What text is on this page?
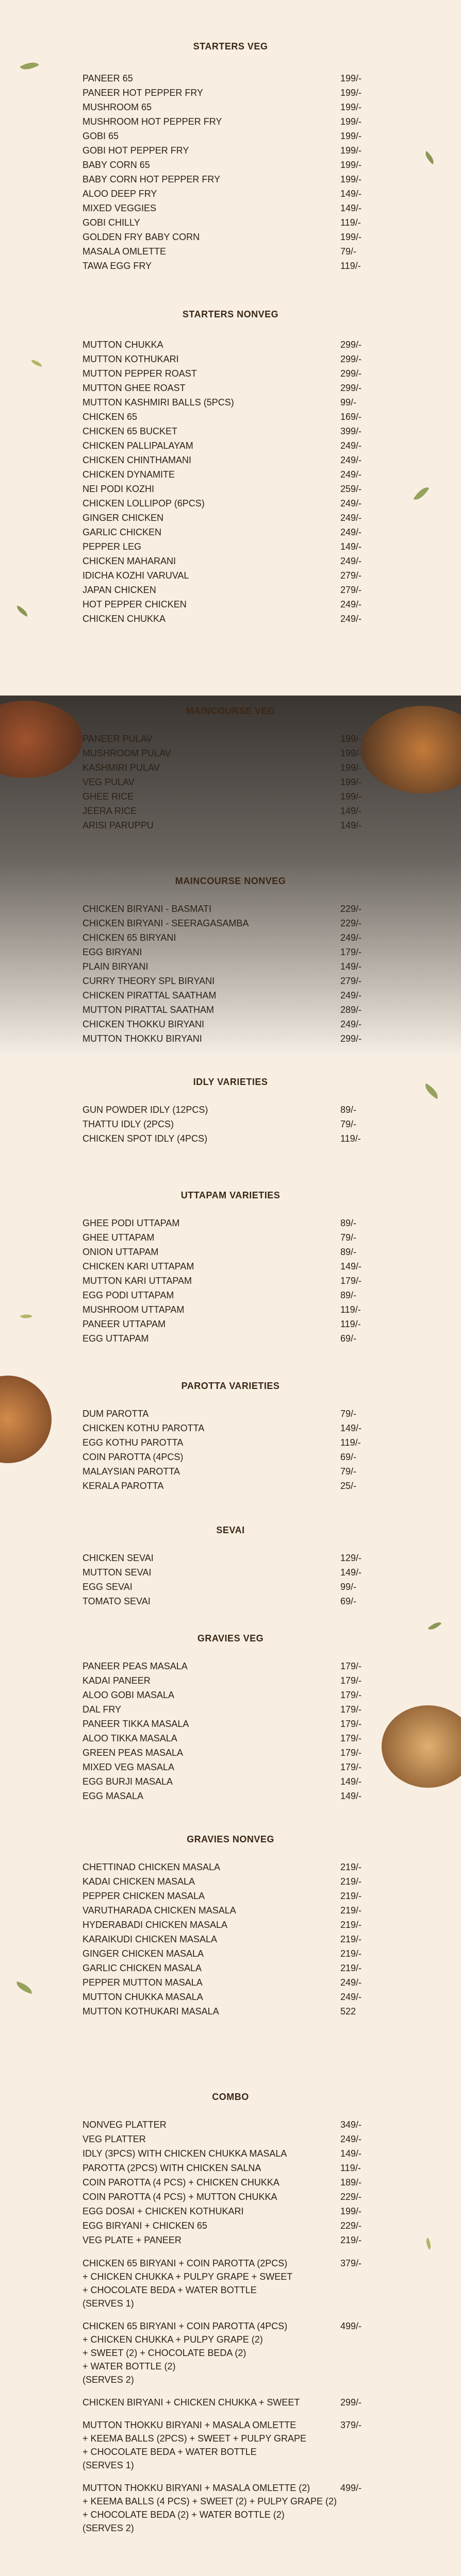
STARTERS VEG
STARTERS NONVEG
MAINCOURSE VEG
MAINCOURSE NONVEG
IDLY VARIETIES
UTTAPAM VARIETIES
PAROTTA VARIETIES
SEVAI
GRAVIES VEG
GRAVIES NONVEG
COMBO
PANEER 65	199/-
PANEER HOT PEPPER FRY	199/-
MUSHROOM 65	199/-
MUSHROOM HOT PEPPER FRY	199/-
GOBI 65	199/-
GOBI HOT PEPPER FRY	199/-
BABY CORN 65	199/-
BABY CORN HOT PEPPER FRY	199/-
ALOO DEEP FRY	149/-
MIXED VEGGIES	149/-
GOBI CHILLY	119/-
GOLDEN FRY BABY CORN	199/-
MASALA OMLETTE	79/-
TAWA EGG FRY	119/-
MUTTON CHUKKA	299/-
MUTTON KOTHUKARI	299/-
MUTTON PEPPER ROAST	299/-
MUTTON GHEE ROAST	299/-
MUTTON KASHMIRI BALLS (5PCS)	99/-
CHICKEN 65	169/-
CHICKEN 65 BUCKET	399/-
CHICKEN PALLIPALAYAM	249/-
CHICKEN CHINTHAMANI	249/-
CHICKEN DYNAMITE	249/-
NEI PODI KOZHI	259/-
CHICKEN LOLLIPOP (6PCS)	249/-
GINGER CHICKEN	249/-
GARLIC CHICKEN	249/-
PEPPER LEG	149/-
CHICKEN MAHARANI	249/-
IDICHA KOZHI VARUVAL	279/-
JAPAN CHICKEN	279/-
HOT PEPPER CHICKEN	249/-
CHICKEN CHUKKA	249/-
PANEER PULAV	199/-
MUSHROOM PULAV	199/-
KASHMIRI PULAV	199/-
VEG PULAV	199/-
GHEE RICE	199/-
JEERA RICE	149/-
ARISI PARUPPU	149/-
CHICKEN BIRYANI - BASMATI	229/-
CHICKEN BIRYANI - SEERAGASAMBA	229/-
CHICKEN 65 BIRYANI	249/-
EGG BIRYANI	179/-
PLAIN BIRYANI	149/-
CURRY THEORY SPL BIRYANI	279/-
CHICKEN PIRATTAL SAATHAM	249/-
MUTTON PIRATTAL SAATHAM	289/-
CHICKEN THOKKU BIRYANI	249/-
MUTTON THOKKU BIRYANI	299/-
GUN POWDER IDLY (12PCS)	89/-
THATTU IDLY (2PCS)	79/-
CHICKEN SPOT IDLY (4PCS)	119/-
GHEE PODI UTTAPAM	89/-
GHEE UTTAPAM	79/-
ONION UTTAPAM	89/-
CHICKEN KARI UTTAPAM	149/-
MUTTON KARI UTTAPAM	179/-
EGG PODI UTTAPAM	89/-
MUSHROOM UTTAPAM	119/-
PANEER UTTAPAM	119/-
EGG UTTAPAM	69/-
DUM PAROTTA	79/-
CHICKEN KOTHU PAROTTA	149/-
EGG KOTHU PAROTTA	119/-
COIN PAROTTA (4PCS)	69/-
MALAYSIAN PAROTTA	79/-
KERALA PAROTTA	25/-
CHICKEN SEVAI	129/-
MUTTON SEVAI	149/-
EGG SEVAI	99/-
TOMATO SEVAI	69/-
PANEER PEAS MASALA	179/-
KADAI PANEER	179/-
ALOO GOBI MASALA	179/-
DAL FRY	179/-
PANEER TIKKA MASALA	179/-
ALOO TIKKA MASALA	179/-
GREEN PEAS MASALA	179/-
MIXED VEG MASALA	179/-
EGG BURJI MASALA	149/-
EGG MASALA	149/-
CHETTINAD CHICKEN MASALA	219/-
KADAI CHICKEN MASALA	219/-
PEPPER CHICKEN MASALA	219/-
VARUTHARADA CHICKEN MASALA	219/-
HYDERABADI CHICKEN MASALA	219/-
KARAIKUDI CHICKEN MASALA	219/-
GINGER CHICKEN MASALA	219/-
GARLIC CHICKEN MASALA	219/-
PEPPER MUTTON MASALA	249/-
MUTTON CHUKKA MASALA	249/-
MUTTON KOTHUKARI MASALA	522
NONVEG PLATTER	349/-
VEG PLATTER	249/-
IDLY (3PCS) WITH CHICKEN CHUKKA MASALA	149/-
PAROTTA (2PCS) WITH CHICKEN SALNA	119/-
COIN PAROTTA (4 PCS) + CHICKEN CHUKKA	189/-
COIN PAROTTA (4 PCS) + MUTTON CHUKKA	229/-
EGG DOSAI + CHICKEN KOTHUKARI	199/-
EGG BIRYANI + CHICKEN 65	229/-
VEG PLATE + PANEER	219/-
CHICKEN 65 BIRYANI + COIN PAROTTA (2PCS)
+ CHICKEN CHUKKA + PULPY GRAPE + SWEET
+ CHOCOLATE BEDA + WATER BOTTLE
(SERVES 1)
379/-
CHICKEN 65 BIRYANI + COIN PAROTTA (4PCS)
+ CHICKEN CHUKKA + PULPY GRAPE (2)
+ SWEET (2) + CHOCOLATE BEDA (2)
+ WATER BOTTLE (2)
(SERVES 2)
499/-
CHICKEN BIRYANI + CHICKEN CHUKKA + SWEET	299/-
MUTTON THOKKU BIRYANI + MASALA OMLETTE
+ KEEMA BALLS (2PCS) + SWEET + PULPY GRAPE
+ CHOCOLATE BEDA + WATER BOTTLE
(SERVES 1)
379/-
MUTTON THOKKU BIRYANI + MASALA OMLETTE (2)
+ KEEMA BALLS (4 PCS) + SWEET (2) + PULPY GRAPE (2)
+ CHOCOLATE BEDA (2) + WATER BOTTLE (2)
(SERVES 2)
499/-
